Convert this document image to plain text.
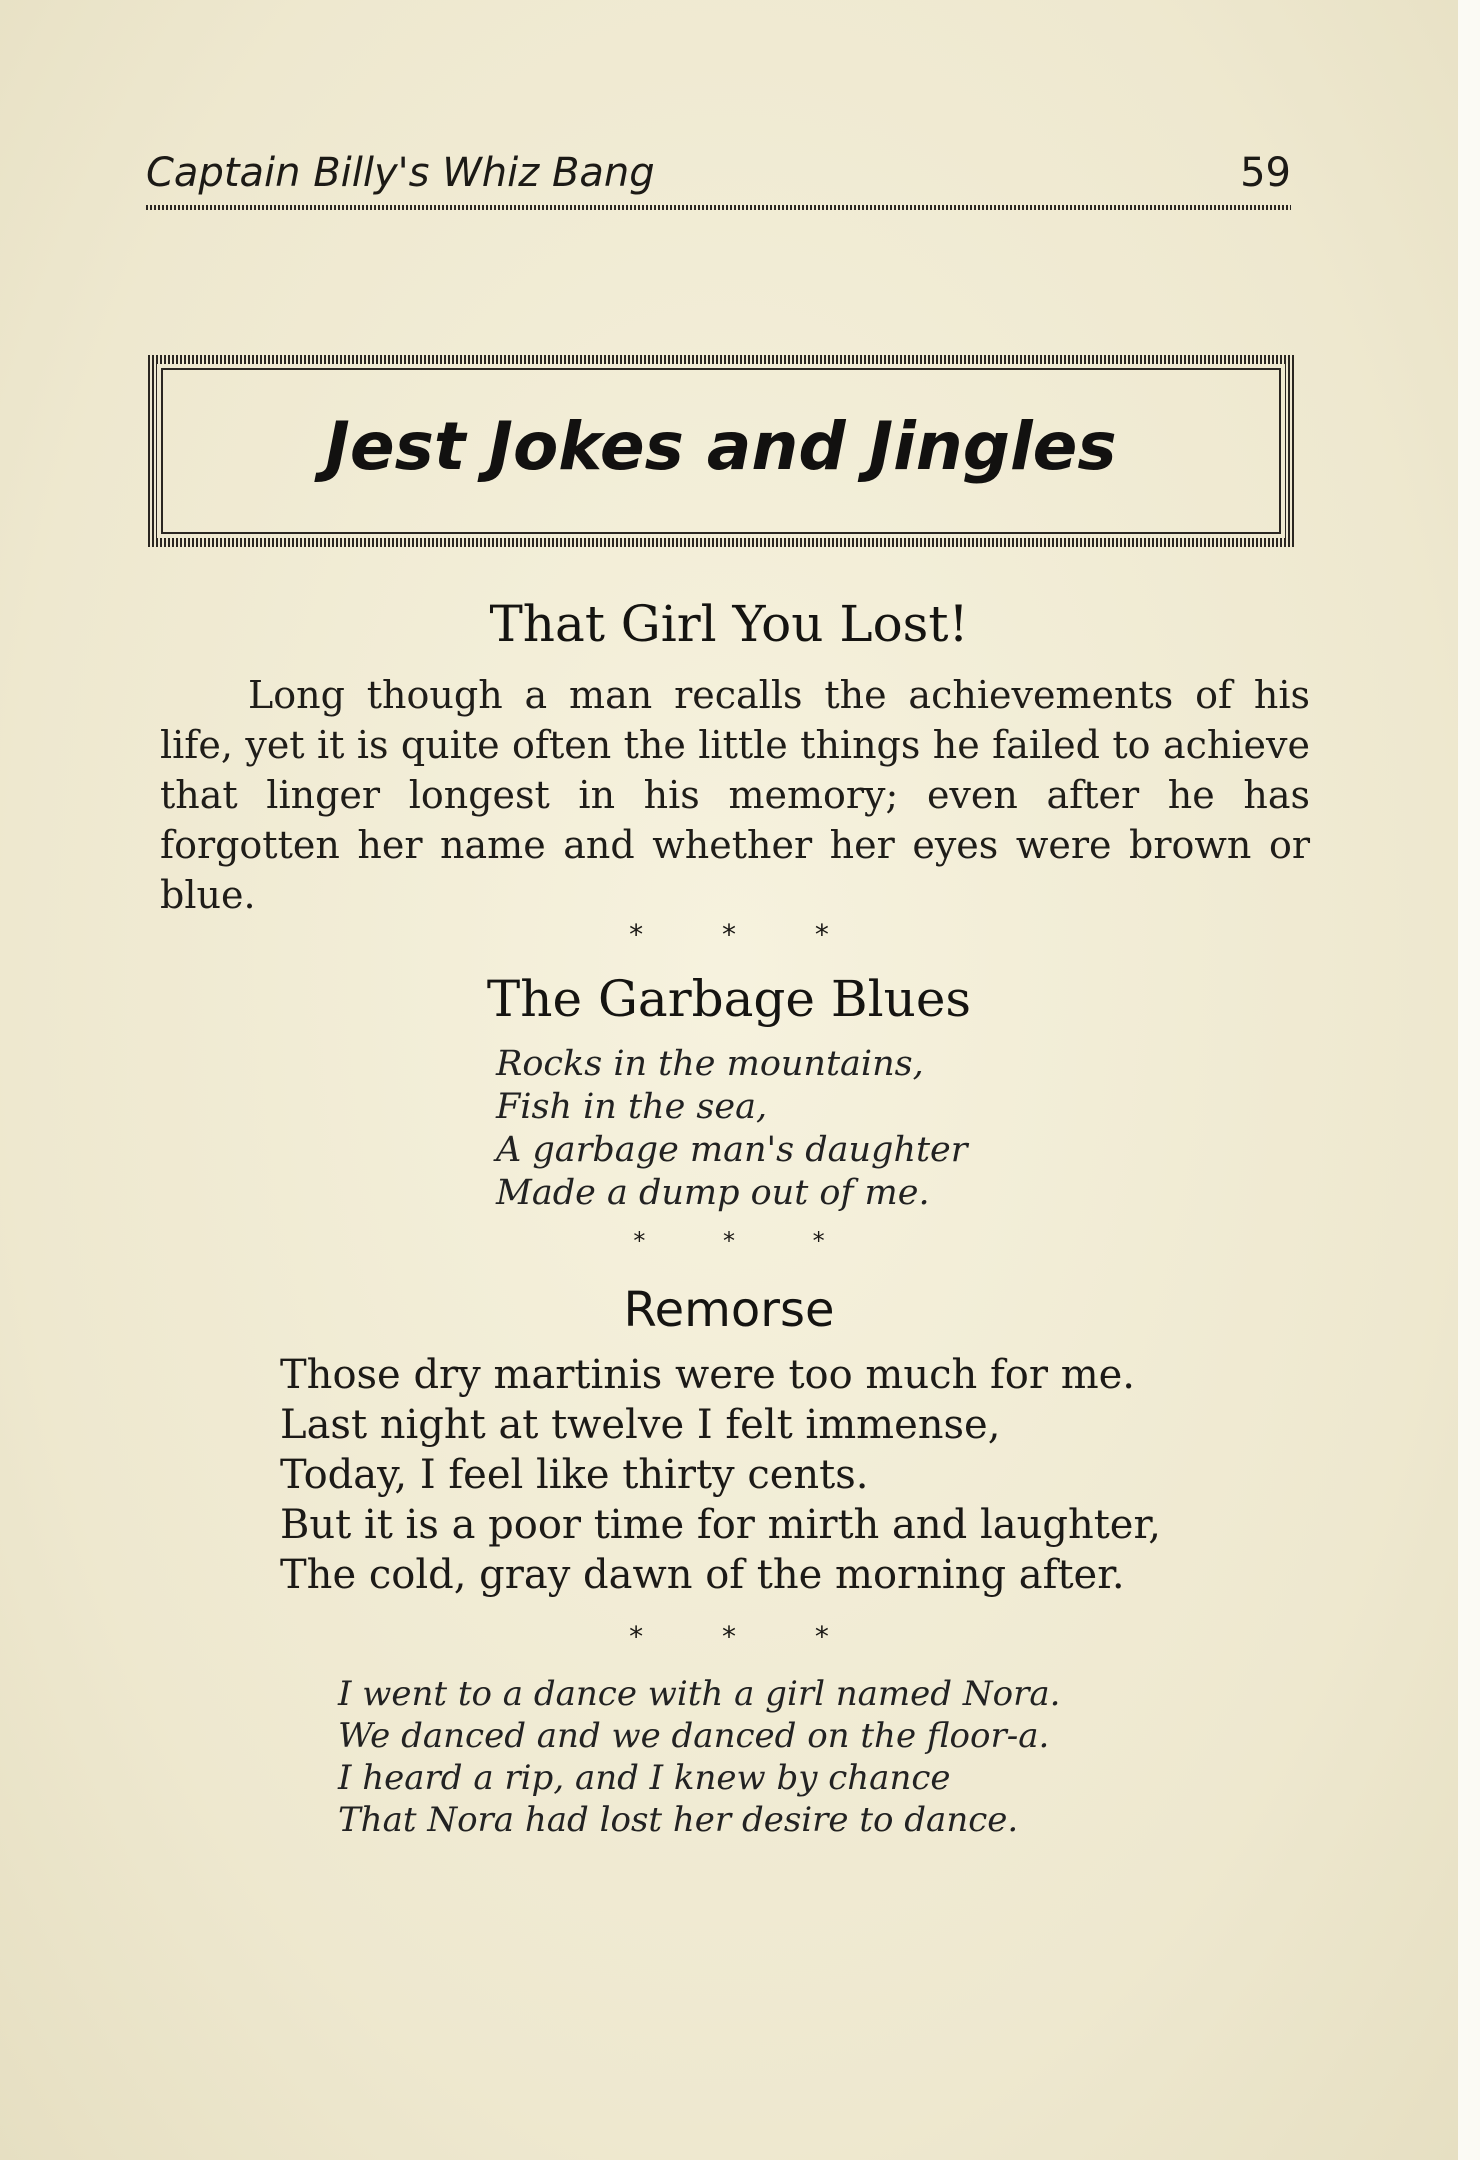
Captain Billy's Whiz Bang	59
Jest Jokes and Jingles
That Girl You Lost!

Long though a man recalls the achievements of his life, yet it is quite often the little things he failed to achieve that linger longest in his memory; even after he has forgotten her name and whether her eyes were brown or blue.

* * *
The Garbage Blues
Rocks in the mountains,
Fish in the sea,
A garbage man's daughter
Made a dump out of me.
* * *
Remorse
Those dry martinis were too much for me.
Last night at twelve I felt immense,
Today, I feel like thirty cents.
But it is a poor time for mirth and laughter,
The cold, gray dawn of the morning after.
* * *
I went to a dance with a girl named Nora.
We danced and we danced on the floor-a.
I heard a rip, and I knew by chance
That Nora had lost her desire to dance.
